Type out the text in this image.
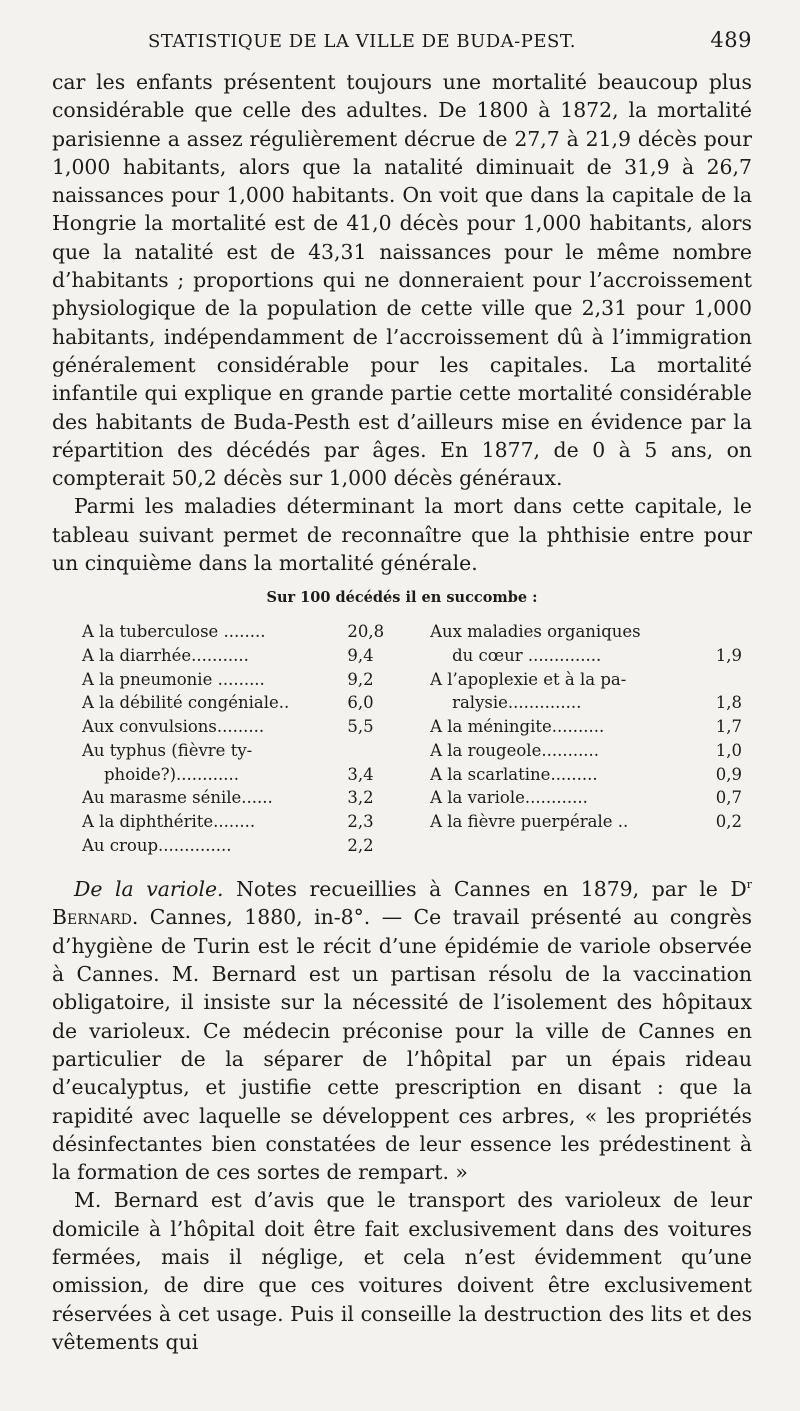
STATISTIQUE DE LA VILLE DE BUDA-PEST.	489

car les enfants présentent toujours une mortalité beaucoup plus considérable que celle des adultes. De 1800 à 1872, la mortalité parisienne a assez régulièrement décrue de 27,7 à 21,9 décès pour 1,000 habitants, alors que la natalité diminuait de 31,9 à 26,7 naissances pour 1,000 habitants. On voit que dans la capitale de la Hongrie la mortalité est de 41,0 décès pour 1,000 habitants, alors que la natalité est de 43,31 naissances pour le même nombre d’habitants ; proportions qui ne donneraient pour l’accroissement physiologique de la population de cette ville que 2,31 pour 1,000 habitants, indépendamment de l’accroissement dû à l’immigration généralement considérable pour les capitales. La mortalité infantile qui explique en grande partie cette mortalité considérable des habitants de Buda-Pesth est d’ailleurs mise en évidence par la répartition des décédés par âges. En 1877, de 0 à 5 ans, on compterait 50,2 décès sur 1,000 décès généraux.

Parmi les maladies déterminant la mort dans cette capitale, le tableau suivant permet de reconnaître que la phthisie entre pour un cinquième dans la mortalité générale.

Sur 100 décédés il en succombe :
A la tuberculose ........	20,8	Aux maladies organiques	
A la diarrhée...........	9,4	du cœur ..............	1,9
A la pneumonie .........	9,2	A l’apoplexie et à la pa-	
A la débilité congéniale..	6,0	ralysie..............	1,8
Aux convulsions.........	5,5	A la méningite..........	1,7
Au typhus (fièvre ty-		A la rougeole...........	1,0
phoide?)............	3,4	A la scarlatine.........	0,9
Au marasme sénile......	3,2	A la variole............	0,7
A la diphthérite........	2,3	A la fièvre puerpérale ..	0,2
Au croup..............	2,2		

De la variole. Notes recueillies à Cannes en 1879, par le $D^r$ Bernard. Cannes, 1880, in-8°. — Ce travail présenté au congrès d’hygiène de Turin est le récit d’une épidémie de variole observée à Cannes. M. Bernard est un partisan résolu de la vaccination obligatoire, il insiste sur la nécessité de l’isolement des hôpitaux de varioleux. Ce médecin préconise pour la ville de Cannes en particulier de la séparer de l’hôpital par un épais rideau d’eucalyptus, et justifie cette prescription en disant : que la rapidité avec laquelle se développent ces arbres, « les propriétés désinfectantes bien constatées de leur essence les prédestinent à la formation de ces sortes de rempart. »

M. Bernard est d’avis que le transport des varioleux de leur domicile à l’hôpital doit être fait exclusivement dans des voitures fermées, mais il néglige, et cela n’est évidemment qu’une omission, de dire que ces voitures doivent être exclusivement réservées à cet usage. Puis il conseille la destruction des lits et des vêtements qui
